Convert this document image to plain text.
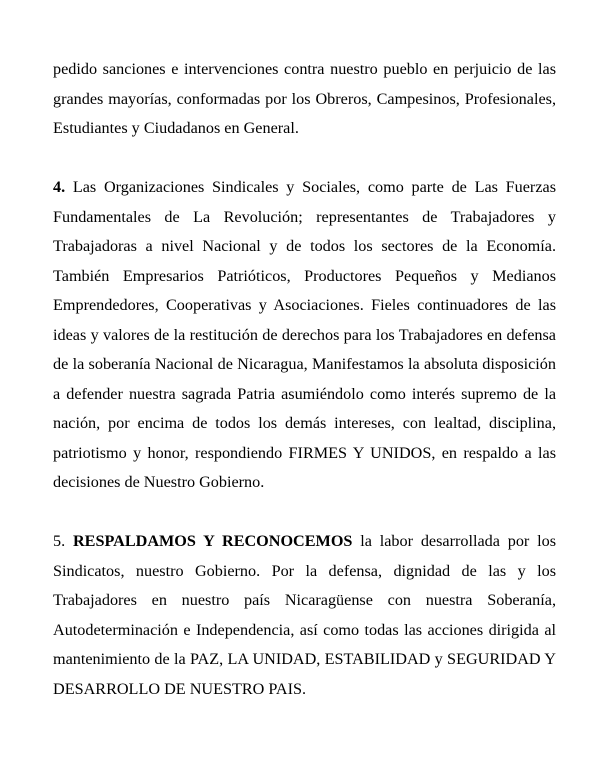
pedido sanciones e intervenciones contra nuestro pueblo en perjuicio de las grandes mayorías, conformadas por los Obreros, Campesinos, Profesionales, Estudiantes y Ciudadanos en General.

4. Las Organizaciones Sindicales y Sociales, como parte de Las Fuerzas Fundamentales de La Revolución; representantes de Trabajadores y Trabajadoras a nivel Nacional y de todos los sectores de la Economía. También Empresarios Patrióticos, Productores Pequeños y Medianos Emprendedores, Cooperativas y Asociaciones. Fieles continuadores de las ideas y valores de la restitución de derechos para los Trabajadores en defensa de la soberanía Nacional de Nicaragua, Manifestamos la absoluta disposición a defender nuestra sagrada Patria asumiéndolo como interés supremo de la nación, por encima de todos los demás intereses, con lealtad, disciplina, patriotismo y honor, respondiendo FIRMES Y UNIDOS, en respaldo a las decisiones de Nuestro Gobierno.

5. RESPALDAMOS Y RECONOCEMOS la labor desarrollada por los Sindicatos, nuestro Gobierno. Por la defensa, dignidad de las y los Trabajadores en nuestro país Nicaragüense con nuestra Soberanía, Autodeterminación e Independencia, así como todas las acciones dirigida al mantenimiento de la PAZ, LA UNIDAD, ESTABILIDAD y SEGURIDAD Y DESARROLLO DE NUESTRO PAIS.
